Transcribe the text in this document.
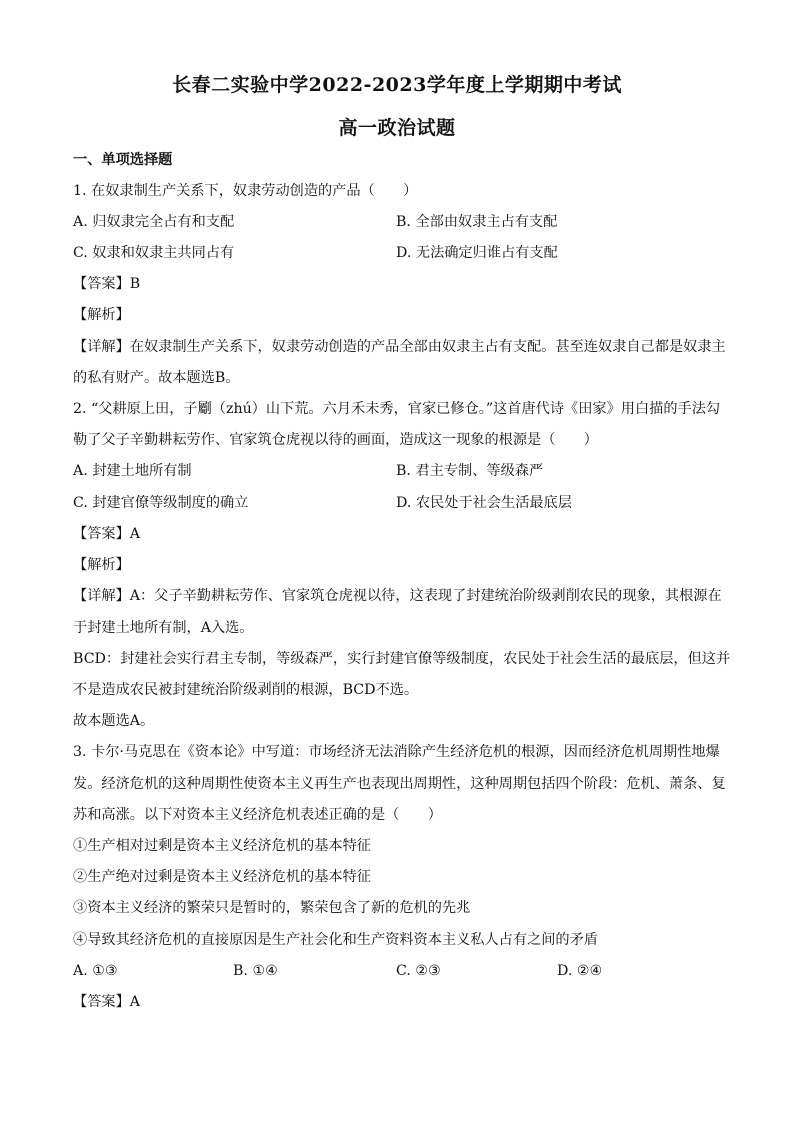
长春二实验中学2022-2023学年度上学期期中考试
高一政治试题
一、单项选择题
1. 在奴隶制生产关系下，奴隶劳动创造的产品（　　）
A. 归奴隶完全占有和支配	B. 全部由奴隶主占有支配
C. 奴隶和奴隶主共同占有	D. 无法确定归谁占有支配
【答案】B
【解析】
【详解】在奴隶制生产关系下，奴隶劳动创造的产品全部由奴隶主占有支配。甚至连奴隶自己都是奴隶主
的私有财产。故本题选B。
2. “父耕原上田，子劚（zhú）山下荒。六月禾未秀，官家已修仓。”这首唐代诗《田家》用白描的手法勾
勒了父子辛勤耕耘劳作、官家筑仓虎视以待的画面，造成这一现象的根源是（　　）
A. 封建土地所有制	B. 君主专制、等级森严
C. 封建官僚等级制度的确立	D. 农民处于社会生活最底层
【答案】A
【解析】
【详解】A：父子辛勤耕耘劳作、官家筑仓虎视以待，这表现了封建统治阶级剥削农民的现象，其根源在
于封建土地所有制，A入选。
BCD：封建社会实行君主专制，等级森严，实行封建官僚等级制度，农民处于社会生活的最底层，但这并
不是造成农民被封建统治阶级剥削的根源，BCD不选。
故本题选A。
3. 卡尔·马克思在《资本论》中写道：市场经济无法消除产生经济危机的根源，因而经济危机周期性地爆
发。经济危机的这种周期性使资本主义再生产也表现出周期性，这种周期包括四个阶段：危机、萧条、复
苏和高涨。以下对资本主义经济危机表述正确的是（　　）
①生产相对过剩是资本主义经济危机的基本特征
②生产绝对过剩是资本主义经济危机的基本特征
③资本主义经济的繁荣只是暂时的，繁荣包含了新的危机的先兆
④导致其经济危机的直接原因是生产社会化和生产资料资本主义私人占有之间的矛盾
A. ①③	B. ①④	C. ②③	D. ②④
【答案】A
